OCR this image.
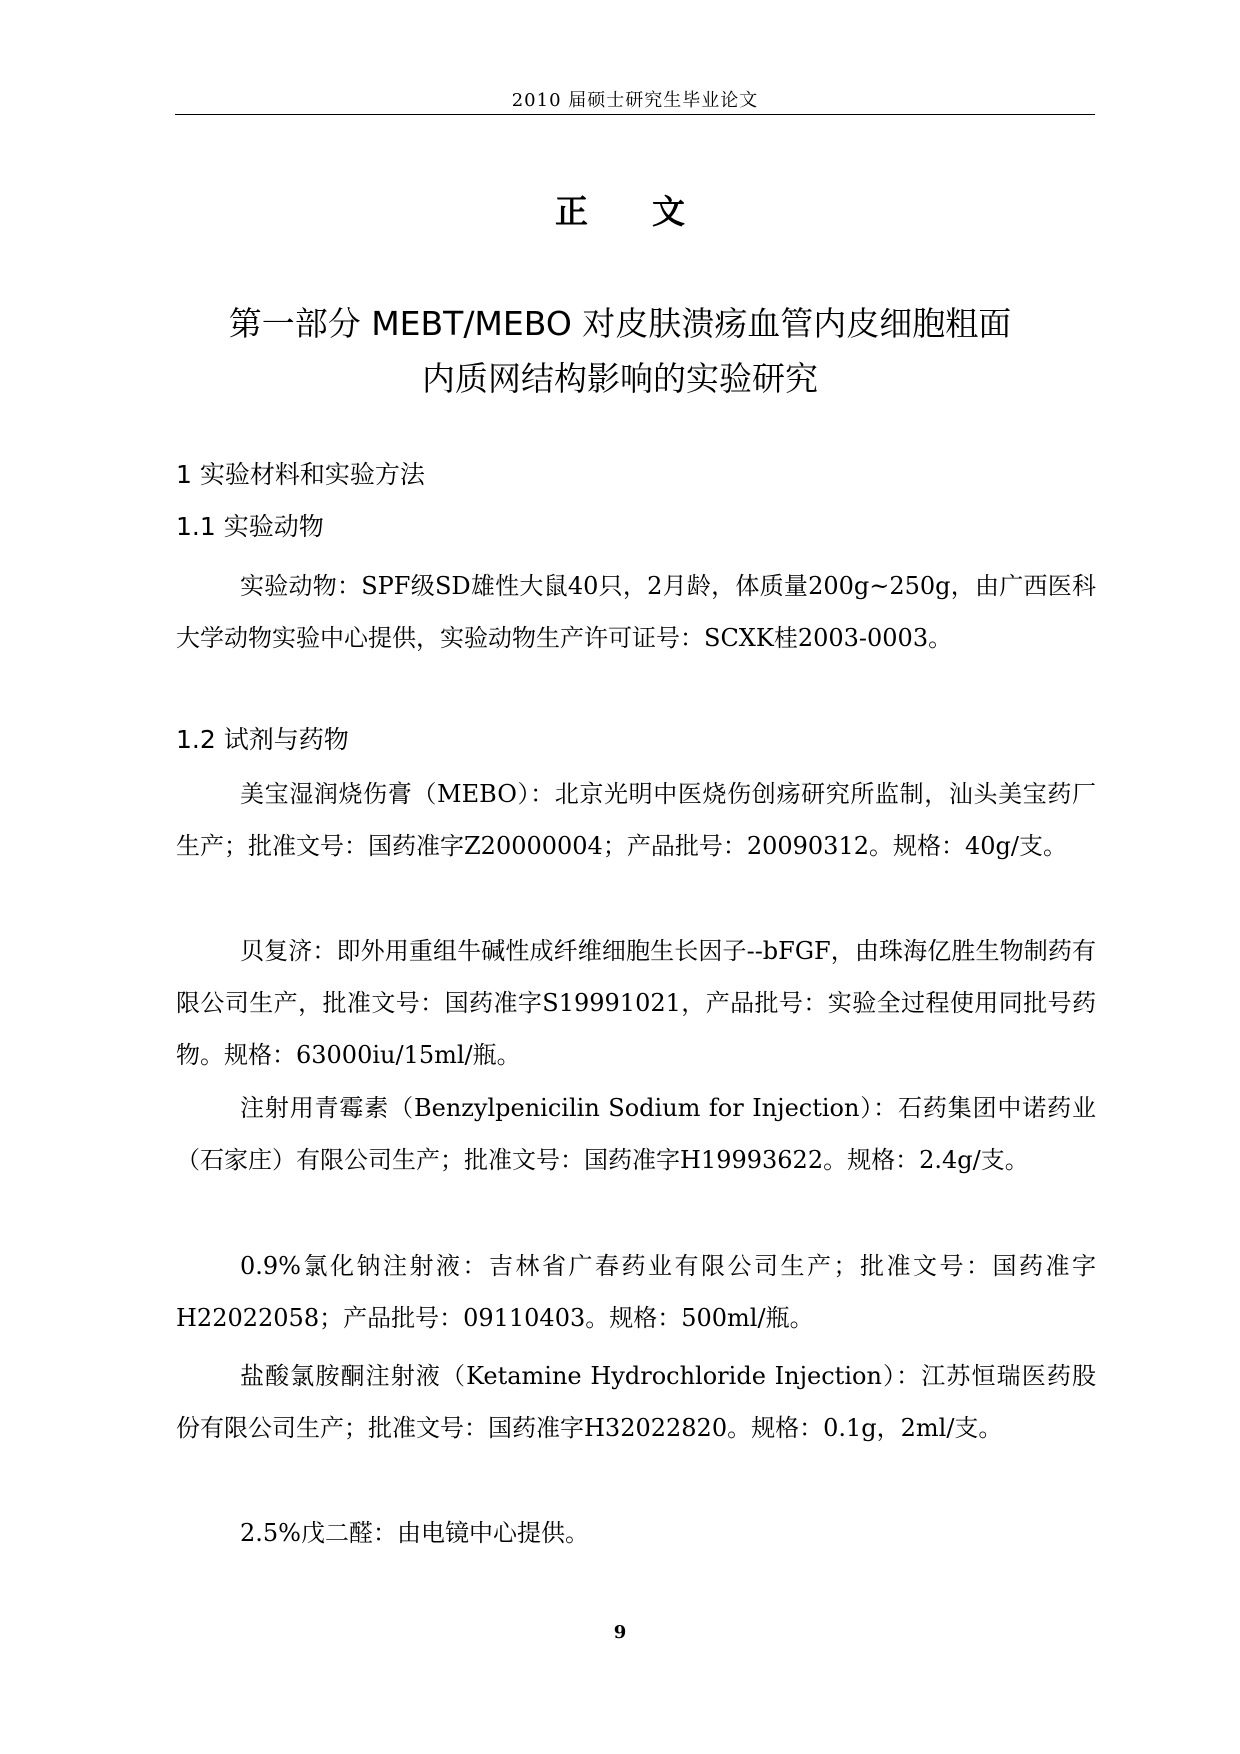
2010 届硕士研究生毕业论文
正文
第一部分 MEBT/MEBO 对皮肤溃疡血管内皮细胞粗面
内质网结构影响的实验研究
1 实验材料和实验方法
1.1 实验动物

实验动物：SPF级SD雄性大鼠40只，2月龄，体质量200g~250g，由广西医科大学动物实验中心提供，实验动物生产许可证号：SCXK桂2003-0003。

1.2 试剂与药物

美宝湿润烧伤膏（MEBO）：北京光明中医烧伤创疡研究所监制，汕头美宝药厂生产；批准文号：国药准字Z20000004；产品批号：20090312。规格：40g/支。

贝复济：即外用重组牛碱性成纤维细胞生长因子--bFGF，由珠海亿胜生物制药有限公司生产，批准文号：国药准字S19991021，产品批号：实验全过程使用同批号药物。规格：63000iu/15ml/瓶。

注射用青霉素（Benzylpenicilin Sodium for Injection）：石药集团中诺药业（石家庄）有限公司生产；批准文号：国药准字H19993622。规格：2.4g/支。

0.9%氯化钠注射液：吉林省广春药业有限公司生产；批准文号：国药准字H22022058；产品批号：09110403。规格：500ml/瓶。

盐酸氯胺酮注射液（Ketamine Hydrochloride Injection）：江苏恒瑞医药股份有限公司生产；批准文号：国药准字H32022820。规格：0.1g，2ml/支。

2.5%戊二醛：由电镜中心提供。

9
